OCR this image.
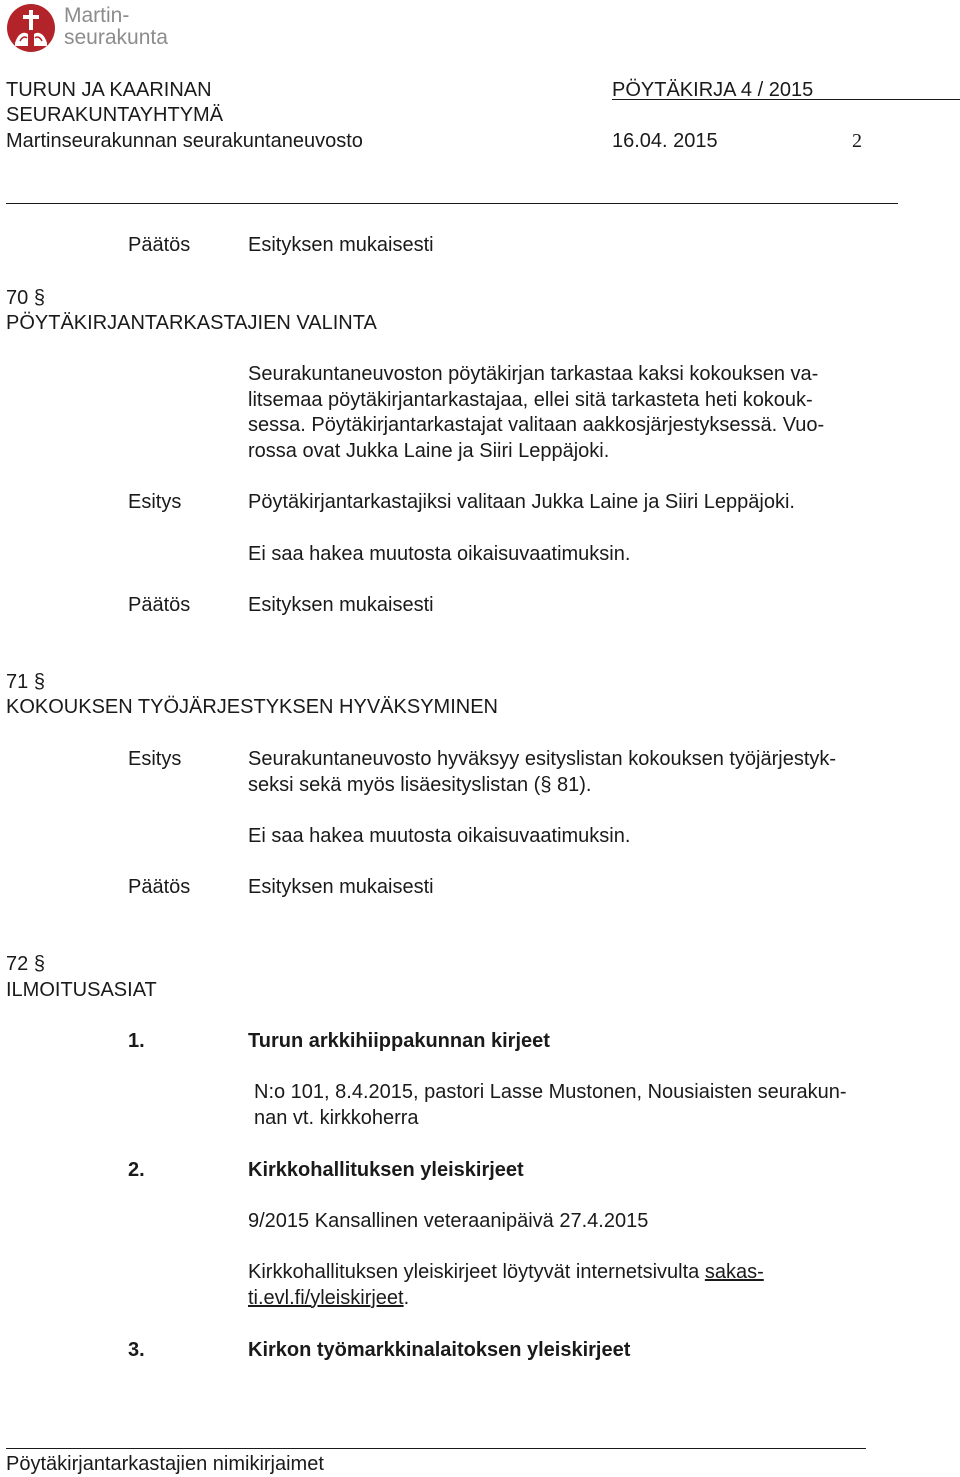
Martin-
seurakunta
TURUN JA KAARINAN	PÖYTÄKIRJA 4 / 2015
SEURAKUNTAYHTYMÄ
Martinseurakunnan seurakuntaneuvosto	16.04. 2015	2
Päätös	Esityksen mukaisesti
70 §
PÖYTÄKIRJANTARKASTAJIEN VALINTA
Seurakuntaneuvoston pöytäkirjan tarkastaa kaksi kokouksen va-
litsemaa pöytäkirjantarkastajaa, ellei sitä tarkasteta heti kokouk-
sessa. Pöytäkirjantarkastajat valitaan aakkosjärjestyksessä. Vuo-
rossa ovat Jukka Laine ja Siiri Leppäjoki.
Esitys	Pöytäkirjantarkastajiksi valitaan Jukka Laine ja Siiri Leppäjoki.
Ei saa hakea muutosta oikaisuvaatimuksin.
Päätös	Esityksen mukaisesti
71 §
KOKOUKSEN TYÖJÄRJESTYKSEN HYVÄKSYMINEN
Esitys	Seurakuntaneuvosto hyväksyy esityslistan kokouksen työjärjestyk-
seksi sekä myös lisäesityslistan (§ 81).
Ei saa hakea muutosta oikaisuvaatimuksin.
Päätös	Esityksen mukaisesti
72 §
ILMOITUSASIAT
1.	Turun arkkihiippakunnan kirjeet
N:o 101, 8.4.2015, pastori Lasse Mustonen, Nousiaisten seurakun-
nan vt. kirkkoherra
2.	Kirkkohallituksen yleiskirjeet
9/2015 Kansallinen veteraanipäivä 27.4.2015
Kirkkohallituksen yleiskirjeet löytyvät internetsivulta sakas-
ti.evl.fi/yleiskirjeet.
3.	Kirkon työmarkkinalaitoksen yleiskirjeet
Pöytäkirjantarkastajien nimikirjaimet
